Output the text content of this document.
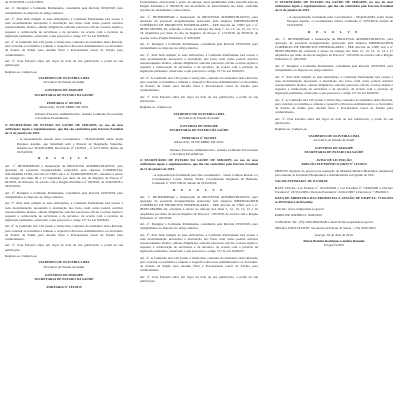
de 25/02/2018 e 24.2/2/2022
Art. 2º. Designar a Comissão Permanente, constituída pela Portaria 1950/2018, para cumprimento ao disposto no artigo anterior.
Art. 3º. Para bem cumprir as suas atribuições, a Comissão Permanente terá acesso a toda documentação necessária à elucidação dos fatos, bem como poderá solicitar assessoramento técnico, efetuar diligências, solicitar pareceres, oficiar a outros órgãos e requerer a colaboração de servidores e de terceiros, de acordo com o previsto na legislação pertinente, observado o que prescreve o artigo 157 da Lei 8.666/93.
Art. 4º. A Comissão terá 120 (cento e vinte) dias, contados da assinatura desta Portaria, para concluir os trabalhos e remeter o respectivo Processo Administrativo ao Secretário de Estado da Saúde para decisão final e Procuradoria Geral do Estado para conhecimento.
Art. 5º. Esta Portaria entra em vigor na data de sua publicação, a partir da sua publicação.
Registre-se. Cumpra-se.

VALBERTO DE OLIVEIRA LIMA

Secretário de Estado da Saúde

GOVERNO DE SERGIPE

SECRETARIA DE ESTADO DA SAÚDE

PORTARIA nº 181/2019

ARACAJU, 02 DE ABRIL DE 2019.

Instaura Processo Administrativo, nomeia Comissão Processante e dá Outras Providências.
O SECRETÁRIO DE ESTADO DA SAÚDE DE SERGIPE, no uso de suas atribuições legais e regulamentares, que lhe são conferidas pelo Decreto Estadual de 11 de janeiro de 2019.
- A representação ausado pelo Coordenador – SEADCADM, sobre Joana Darques Aquino, que informam sem o Parecer de Regulação Supremo, informa por SEADCADM, Declaração n° 16/2019 – nº 2271/2019, datado de 01/04/2019;

R E S O L V E

Art. 1º. DETERMINAR a instauração de PROCESSO ADMINISTRATIVO, para apuração de possíveis irregularidades praticadas pela empresa COMERCIAL VALFARMA LTDA, inscrita no CNPJ sob o nº 04.096.099/0001-85, referente à atraso na entrega dos itens 09 e 13 adquiridos por meio da Ata de Registro de Preços nº 02/2018, da licitação, de acordo com o Pregão Eletrônico nº 09/2018, de 25/02/2018 e 24/02/2019.
Art. 2º. Designar a Comissão Permanente, constituída pela Portaria 1950/2018, para cumprimento ao disposto no artigo anterior.
Art. 3º. Para bem cumprir as suas atribuições, a Comissão Permanente terá acesso a toda documentação necessária à elucidação dos fatos, bem como poderá solicitar assessoramento técnico, efetuar diligências, solicitar pareceres, oficiar a outros órgãos e requerer a colaboração de servidores e de terceiros, de acordo com o previsto na legislação pertinente, observado o que prescreve o artigo 157 da Lei 8.666/93.
Art. 4º. A Comissão terá 120 (cento e vinte) dias, contados da assinatura desta Portaria, para concluir os trabalhos e remeter o respectivo Processo Administrativo ao Secretário de Estado da Saúde para decisão final e Procuradoria Geral do Estado para conhecimento.
Art. 5º. Esta Portaria entra em vigor na data de sua publicação, a partir da sua publicação.
Registre-se. Cumpra-se.

VALBERTO DE OLIVEIRA LIMA

Secretário de Estado da Saúde

GOVERNO DE SERGIPE

SECRETARIA DE ESTADO DA SAÚDE

PORTARIA Nº 183/2019

fornecimento, observando o prazo de entrega, cujas quantidades estão especificadas no Pregão Eletrônico nº 026/2018, em decorrência do fornecimento dos itens, conforme previsto no instrumento convocatório.
Art. 1º. DETERMINAR a instauração de PROCESSO ADMINISTRATIVO, para apuração de possíveis irregularidades praticadas pela empresa IMPERVALMED COMÉRCIO DE PRODUTOS HOSPITALARES - EPP. Inscrita no CNPJ sob o nº 08.867.682/0001-26, referente à atraso na entrega dos itens 7, 12, 13, 14, 15, 16, 17 e 18 adquiridos por meio da Ata de Registro de Preços nº 153/2018, de 08/2018, de acordo com o Pregão Eletrônico nº 026/2018.
Art. 2º. Designar a Comissão Permanente, constituída pela Portaria 1950/2018, para cumprimento ao disposto no artigo anterior.
Art. 3º. Para bem cumprir as suas atribuições, a Comissão Permanente terá acesso a toda documentação necessária à elucidação dos fatos, bem como poderá solicitar assessoramento técnico, efetuar diligências, solicitar pareceres, oficiar a outros órgãos e requerer a colaboração de servidores e de terceiros, de acordo com o previsto na legislação pertinente, observado o que prescreve o artigo 157 da Lei 8.666/93.
Art. 4º. A Comissão terá 120 (cento e vinte) dias, contados da assinatura desta Portaria, para concluir os trabalhos e remeter o respectivo Processo Administrativo ao Secretário de Estado da Saúde para decisão final e Procuradoria Geral do Estado para conhecimento.
Art. 5º. Esta Portaria entra em vigor na data de sua publicação, a partir da sua publicação.
Registre-se. Cumpra-se.

VALBERTO DE OLIVEIRA LIMA

Secretário de Estado da Saúde

GOVERNO DE SERGIPE

SECRETARIA DE ESTADO DA SAÚDE

PORTARIA nº 182/2019

ARACAJU, 02 DE ABRIL DE 2019.

Instaura Processo Administrativo, nomeia Comissão Processante e dá Outras Providências.
O SECRETÁRIO DE ESTADO DA SAÚDE DE SERGIPE, no uso de suas atribuições legais e regulamentares, que lhe são conferidas pelo Decreto Estadual de 11 de janeiro de 2019.
- A representação formulada pelo Sul-coordenador – Luiza Campos Rosato e a Coordenadora Laíres Santos Vieira, Coordenação Regional da Baixada, Comissão nº 32971/2019, datado de 01/04/2019;

R E S O L V E

Art. 1º. DETERMINAR a instauração de PROCESSO ADMINISTRATIVO, para apuração de possíveis irregularidades praticadas pela empresa IMPERVALMED COMÉRCIO DE PRODUTOS HOSPITALARES - EPP, inscrita no CNPJ sob o nº 08.867.682/0001-26, referente à atraso na entrega dos itens 7, 12, 13, 14, 15 e 16 adquiridos por meio da Ata de Registro de Preços nº 145/2018, de acordo com o Pregão Eletrônico nº 105/2018.
Art. 2º. Designar a Comissão Permanente, constituída pela Portaria 1950/2018, para cumprimento ao disposto no artigo anterior.
Art. 3º. Para bem cumprir as suas atribuições, a Comissão Permanente terá acesso a toda documentação necessária à elucidação dos fatos, bem como poderá solicitar assessoramento técnico, efetuar diligências, solicitar pareceres, oficiar a outros órgãos e requerer a colaboração de servidores e de terceiros, de acordo com o previsto na legislação pertinente, observado o que prescreve o artigo 157 da Lei 8.666/93.
Art. 4º. A Comissão terá 120 (cento e vinte) dias, contados da assinatura desta Portaria, para concluir os trabalhos e remeter o respectivo Processo Administrativo ao Secretário de Estado da Saúde para decisão final e Procuradoria Geral do Estado para conhecimento.
Art. 5º. Esta Portaria entra em vigor na data de sua publicação, a partir da sua publicação.
O SECRETÁRIO DE ESTADO DA SAÚDE DE SERGIPE, no uso de suas atribuições legais e regulamentares, que lhe são conferidas pelo Decreto Estadual de 11 de janeiro de 2019.
- A representação formulada pelo Coordenador – SEADCADM, sobre Joana Darques Aquino, a Coordenadora Vieira, Comissão nº 2270/2019, datado de 01/04/2019;

R E S O L V E

Art. 1º. DETERMINAR a instauração de PROCESSO ADMINISTRATIVO, para apuração de possíveis irregularidades praticadas pela empresa IMPERVALMED COMÉRCIO DE PRODUTOS HOSPITALARES - EPP, inscrita no CNPJ sob o nº 08.867.682/0001-26, referente à atraso na entrega dos itens 12, 13, 14, 15, 16 e 17 adquiridos por meio da Ata de Registro de Preços nº 145/2018, de acordo com o Pregão Eletrônico nº 105/2018.
Art. 2º. Designar a Comissão Permanente, constituída pela Portaria 1950/2018, para cumprimento ao disposto no artigo anterior.
Art. 3º. Para bem cumprir as suas atribuições, a Comissão Permanente terá acesso a toda documentação necessária à elucidação dos fatos, bem como poderá solicitar assessoramento técnico, efetuar diligências, solicitar pareceres, oficiar a outros órgãos e requerer a colaboração de servidores e de terceiros, de acordo com o previsto na legislação pertinente, observado o que prescreve o artigo 157 da Lei 8.666/93.
Art. 4º. A Comissão terá 120 (cento e vinte) dias, contados da assinatura desta Portaria, para concluir os trabalhos e remeter o respectivo Processo Administrativo ao Secretário de Estado da Saúde para decisão final e Procuradoria Geral do Estado para conhecimento.
Art. 5º. Esta Portaria entra em vigor na data de sua publicação, a partir da sua publicação.
Registre-se. Cumpra-se.

VALBERTO DE OLIVEIRA LIMA

Secretário de Estado da Saúde

GOVERNO DE SERGIPE

SECRETARIA DE ESTADO DA SAÚDE

AVISO DE LICITAÇÃO

PREGÃO ELETRÔNICO (SRP) Nº 143/2019

OBJETO: Registro de preços para aquisição de Material Médico-Hospitalar (Ataduras) para atender às Unidades Hospitalares e Ambulatoriais sob gestão da SES.
VALOR ESTIMADO: R$ 113.900,00
BASE LEGAL: Lei Federal nº 10.520/2002 e Lei Estadual nº 5.848/2006 e Decreto Estadual nº 26.531/2009 e Decreto Estadual nº 24.912/2007 e Decreto nº 7.892/2013.
DATA DE ABERTURA DAS PROPOSTAS E SESSÃO DE DISPUTA: 17/04/2019 às 09:00 (hora de Brasília)
LOCAL: www.comprasnet.se.gov.br
PARECER JURÍDICO: 1049/2019
CONTATO: Tel.: (79) 3226-8392/8349 e-mail: licitacao@saude.se.gov.br
ÓRGÃO SOLICITANTE: Secretaria de Estado da Saúde – (79) 3226-8363

Aracaju, 02 de abril de 2019.

Maria Betânia Rodrigues Landim Rezende

Pregoeira/SES
